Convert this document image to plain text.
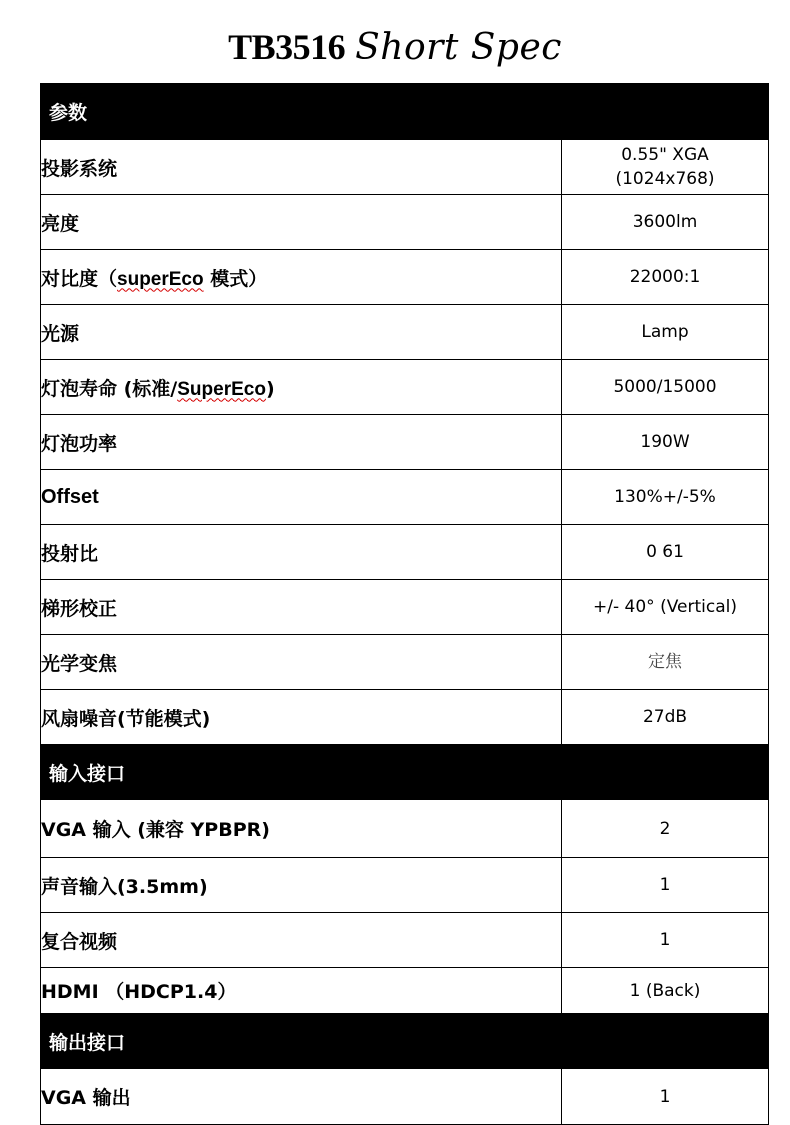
TB3516 Short Spec
参数	
投影系统	0.55" XGA
(1024x768)

亮度	3600lm
对比度（superEco 模式）	22000:1
光源	Lamp
灯泡寿命 (标准/SuperEco)	5000/15000
灯泡功率	190W
Offset	130%+/-5%
投射比	0 61
梯形校正	+/- 40° (Vertical)
光学变焦	定焦
风扇噪音(节能模式)	27dB
输入接口	
VGA 输入 (兼容 YPBPR)	2
声音输入(3.5mm)	1
复合视频	1
HDMI （HDCP1.4）	1 (Back)
输出接口	
VGA 输出	1
